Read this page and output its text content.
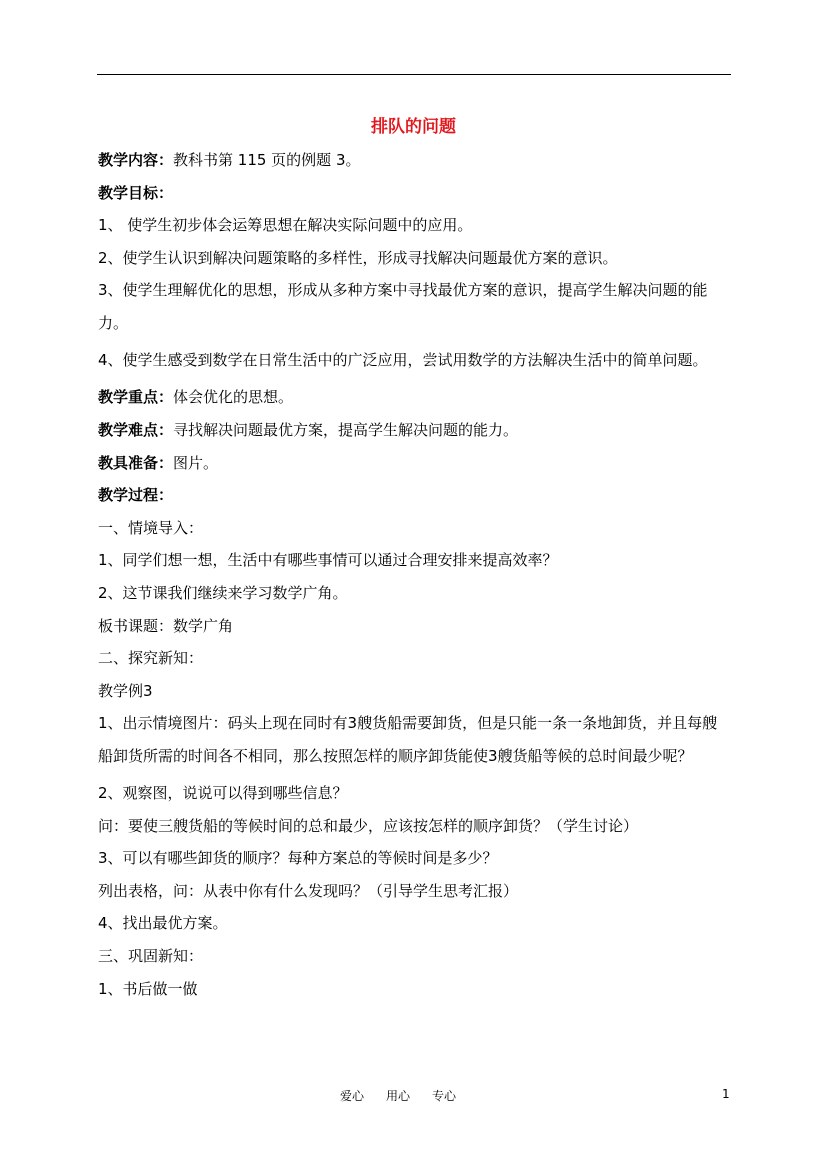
排队的问题
教学内容：教科书第 115 页的例题 3。
教学目标：
1、 使学生初步体会运筹思想在解决实际问题中的应用。
2、使学生认识到解决问题策略的多样性，形成寻找解决问题最优方案的意识。
3、使学生理解优化的思想，形成从多种方案中寻找最优方案的意识，提高学生解决问题的能力。
4、使学生感受到数学在日常生活中的广泛应用，尝试用数学的方法解决生活中的简单问题。
教学重点：体会优化的思想。
教学难点：寻找解决问题最优方案，提高学生解决问题的能力。
教具准备：图片。
教学过程：
一、情境导入：
1、同学们想一想，生活中有哪些事情可以通过合理安排来提高效率？
2、这节课我们继续来学习数学广角。
板书课题：数学广角
二、探究新知：
教学例3
1、出示情境图片：码头上现在同时有3艘货船需要卸货，但是只能一条一条地卸货，并且每艘船卸货所需的时间各不相同，那么按照怎样的顺序卸货能使3艘货船等候的总时间最少呢？
2、观察图，说说可以得到哪些信息？
问：要使三艘货船的等候时间的总和最少，应该按怎样的顺序卸货？（学生讨论）
3、可以有哪些卸货的顺序？每种方案总的等候时间是多少？
列出表格，问：从表中你有什么发现吗？（引导学生思考汇报）
4、找出最优方案。
三、巩固新知：
1、书后做一做
爱心 用心 专心	1
